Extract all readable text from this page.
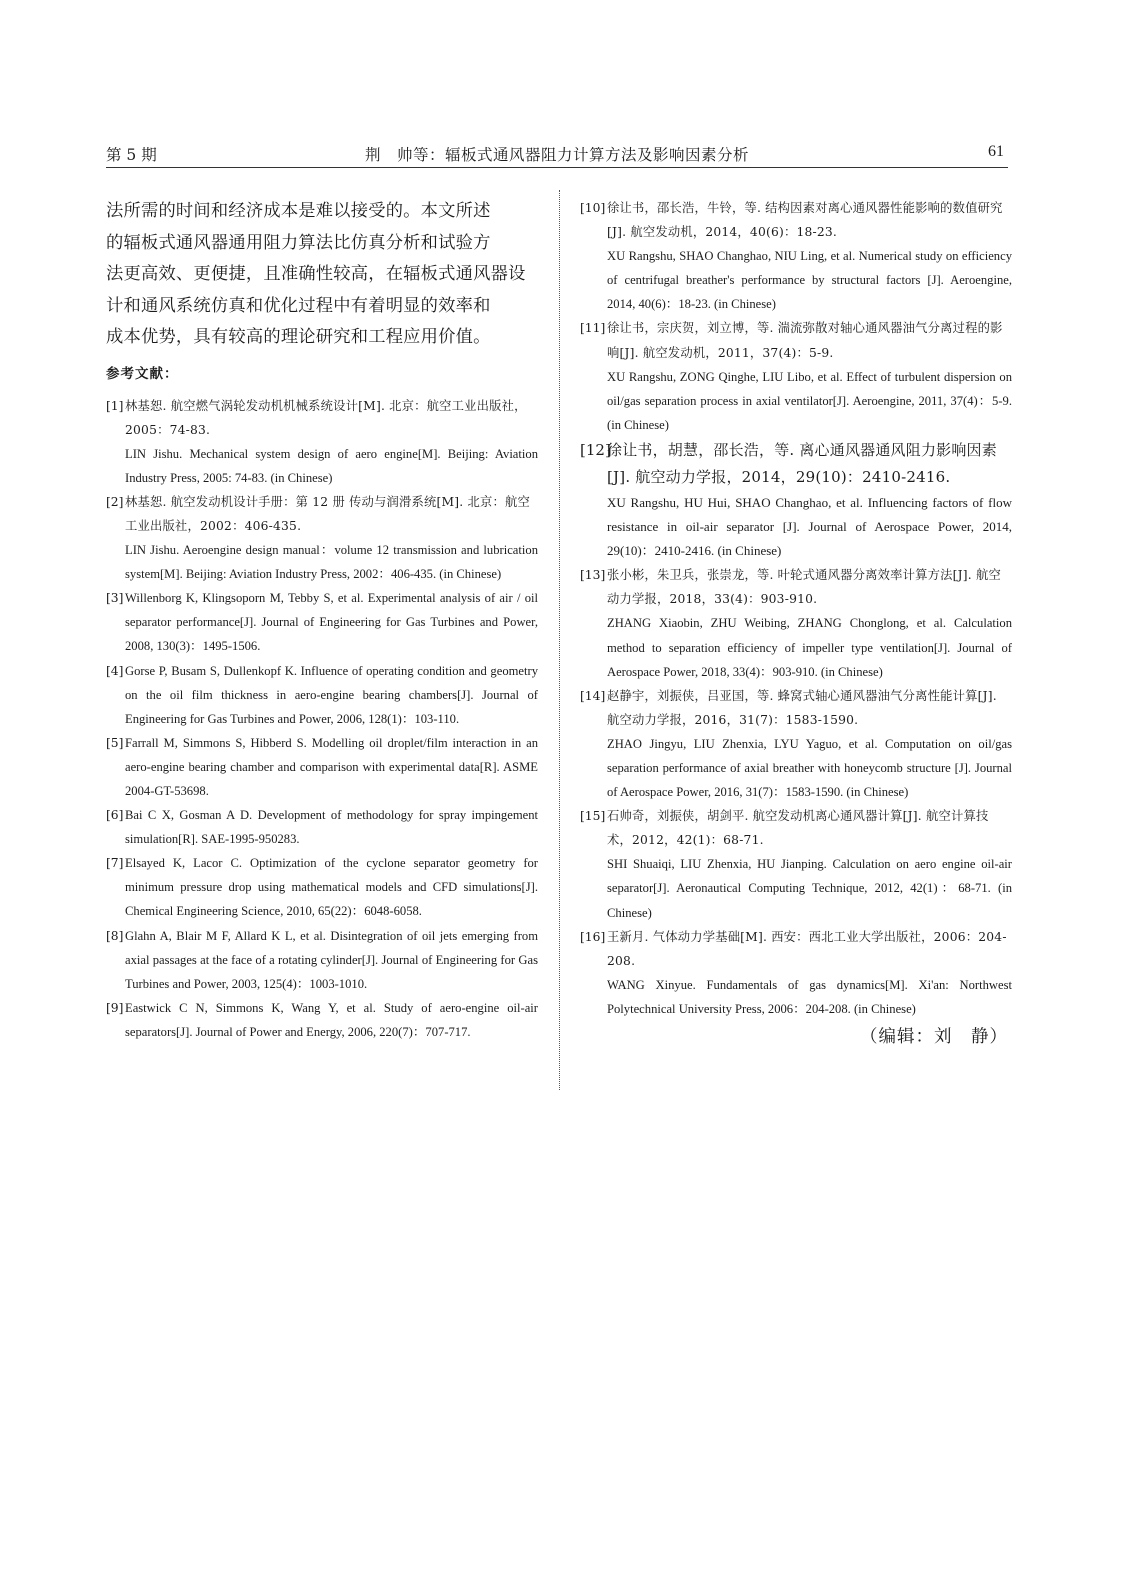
第 5 期	荆　帅等：辐板式通风器阻力计算方法及影响因素分析	61

法所需的时间和经济成本是难以接受的。本文所述

的辐板式通风器通用阻力算法比仿真分析和试验方

法更高效、更便捷，且准确性较高，在辐板式通风器设

计和通风系统仿真和优化过程中有着明显的效率和

成本优势，具有较高的理论研究和工程应用价值。

参考文献：
[1] 林基恕. 航空燃气涡轮发动机机械系统设计[M]. 北京：航空工业出版社，2005：74-83.
LIN Jishu. Mechanical system design of aero engine[M]. Beijing: Aviation Industry Press, 2005: 74-83. (in Chinese)
[2] 林基恕. 航空发动机设计手册：第 12 册 传动与润滑系统[M]. 北京：航空工业出版社，2002：406-435.
LIN Jishu. Aeroengine design manual：volume 12 transmission and lubrication system[M]. Beijing: Aviation Industry Press, 2002：406-435. (in Chinese)
[3] Willenborg K, Klingsoporn M, Tebby S, et al. Experimental analysis of air / oil separator performance[J]. Journal of Engineering for Gas Turbines and Power, 2008, 130(3)：1495-1506.
[4] Gorse P, Busam S, Dullenkopf K. Influence of operating condition and geometry on the oil film thickness in aero-engine bearing chambers[J]. Journal of Engineering for Gas Turbines and Power, 2006, 128(1)：103-110.
[5] Farrall M, Simmons S, Hibberd S. Modelling oil droplet/film interaction in an aero-engine bearing chamber and comparison with experimental data[R]. ASME 2004-GT-53698.
[6] Bai C X, Gosman A D. Development of methodology for spray impingement simulation[R]. SAE-1995-950283.
[7] Elsayed K, Lacor C. Optimization of the cyclone separator geometry for minimum pressure drop using mathematical models and CFD simulations[J]. Chemical Engineering Science, 2010, 65(22)：6048-6058.
[8] Glahn A, Blair M F, Allard K L, et al. Disintegration of oil jets emerging from axial passages at the face of a rotating cylinder[J]. Journal of Engineering for Gas Turbines and Power, 2003, 125(4)：1003-1010.
[9] Eastwick C N, Simmons K, Wang Y, et al. Study of aero-engine oil-air separators[J]. Journal of Power and Energy, 2006, 220(7)：707-717.
[10] 徐让书，邵长浩，牛铃，等. 结构因素对离心通风器性能影响的数值研究[J]. 航空发动机，2014，40(6)：18-23.
XU Rangshu, SHAO Changhao, NIU Ling, et al. Numerical study on efficiency of centrifugal breather's performance by structural factors [J]. Aeroengine, 2014, 40(6)：18-23. (in Chinese)
[11] 徐让书，宗庆贺，刘立博，等. 湍流弥散对轴心通风器油气分离过程的影响[J]. 航空发动机，2011，37(4)：5-9.
XU Rangshu, ZONG Qinghe, LIU Libo, et al. Effect of turbulent dispersion on oil/gas separation process in axial ventilator[J]. Aeroengine, 2011, 37(4)：5-9. (in Chinese)
[12]
徐让书，胡慧，邵长浩，等. 离心通风器通风阻力影响因素[J]. 航空动力学报，2014，29(10)：2410-2416.
XU Rangshu, HU Hui, SHAO Changhao, et al. Influencing factors of flow resistance in oil-air separator [J]. Journal of Aerospace Power, 2014, 29(10)：2410-2416. (in Chinese)
[13] 张小彬，朱卫兵，张崇龙，等. 叶轮式通风器分离效率计算方法[J]. 航空动力学报，2018，33(4)：903-910.
ZHANG Xiaobin, ZHU Weibing, ZHANG Chonglong, et al. Calculation method to separation efficiency of impeller type ventilation[J]. Journal of Aerospace Power, 2018, 33(4)：903-910. (in Chinese)
[14] 赵静宇，刘振侠，吕亚国，等. 蜂窝式轴心通风器油气分离性能计算[J]. 航空动力学报，2016，31(7)：1583-1590.
ZHAO Jingyu, LIU Zhenxia, LYU Yaguo, et al. Computation on oil/gas separation performance of axial breather with honeycomb structure [J]. Journal of Aerospace Power, 2016, 31(7)：1583-1590. (in Chinese)
[15] 石帅奇，刘振侠，胡剑平. 航空发动机离心通风器计算[J]. 航空计算技术，2012，42(1)：68-71.
SHI Shuaiqi, LIU Zhenxia, HU Jianping. Calculation on aero engine oil-air separator[J]. Aeronautical Computing Technique, 2012, 42(1)：68-71. (in Chinese)
[16] 王新月. 气体动力学基础[M]. 西安：西北工业大学出版社，2006：204-208.
WANG Xinyue. Fundamentals of gas dynamics[M]. Xi'an: Northwest Polytechnical University Press, 2006：204-208. (in Chinese)
（编辑：刘　静）
